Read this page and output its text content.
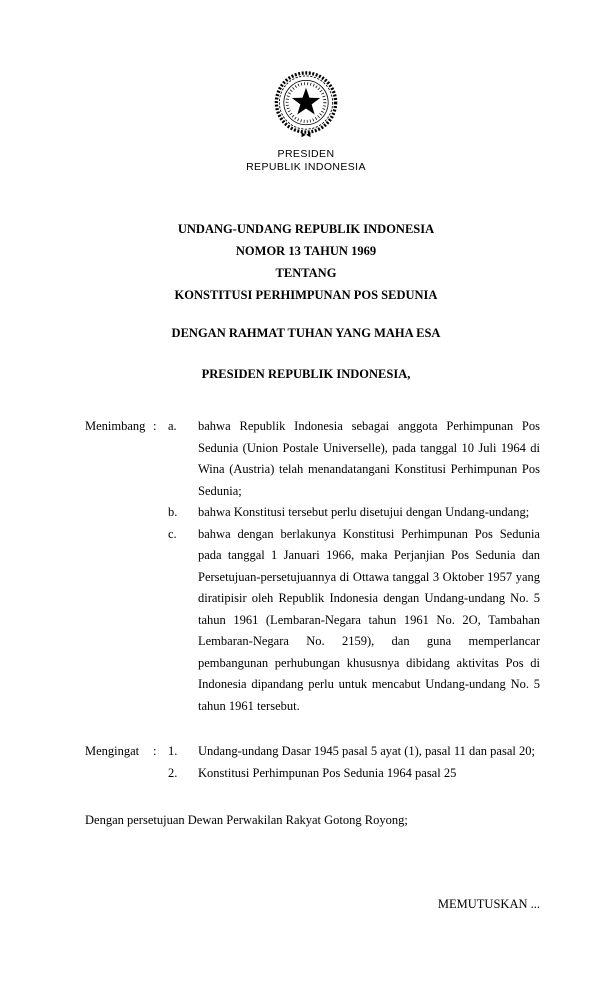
PRESIDEN
REPUBLIK INDONESIA
UNDANG-UNDANG REPUBLIK INDONESIA
NOMOR 13 TAHUN 1969
TENTANG
KONSTITUSI PERHIMPUNAN POS SEDUNIA
DENGAN RAHMAT TUHAN YANG MAHA ESA
PRESIDEN REPUBLIK INDONESIA,
Menimbang : a.	bahwa Republik Indonesia sebagai anggota Perhimpunan Pos Sedunia (Union Postale Universelle), pada tanggal 10 Juli 1964 di Wina (Austria) telah menandatangani Konstitusi Perhimpunan Pos Sedunia;
b.	bahwa Konstitusi tersebut perlu disetujui dengan Undang-undang;
c.	bahwa dengan berlakunya Konstitusi Perhimpunan Pos Sedunia pada tanggal 1 Januari 1966, maka Perjanjian Pos Sedunia dan Persetujuan-persetujuannya di Ottawa tanggal 3 Oktober 1957 yang diratipisir oleh Republik Indonesia dengan Undang-undang No. 5 tahun 1961 (Lembaran-Negara tahun 1961 No. 2O, Tambahan Lembaran-Negara No. 2159), dan guna memperlancar pembangunan perhubungan khususnya dibidang aktivitas Pos di Indonesia dipandang perlu untuk mencabut Undang-undang No. 5 tahun 1961 tersebut.
Mengingat	: 1.	Undang-undang Dasar 1945 pasal 5 ayat (1), pasal 11 dan pasal 20;
2.	Konstitusi Perhimpunan Pos Sedunia 1964 pasal 25
Dengan persetujuan Dewan Perwakilan Rakyat Gotong Royong;
MEMUTUSKAN ...
